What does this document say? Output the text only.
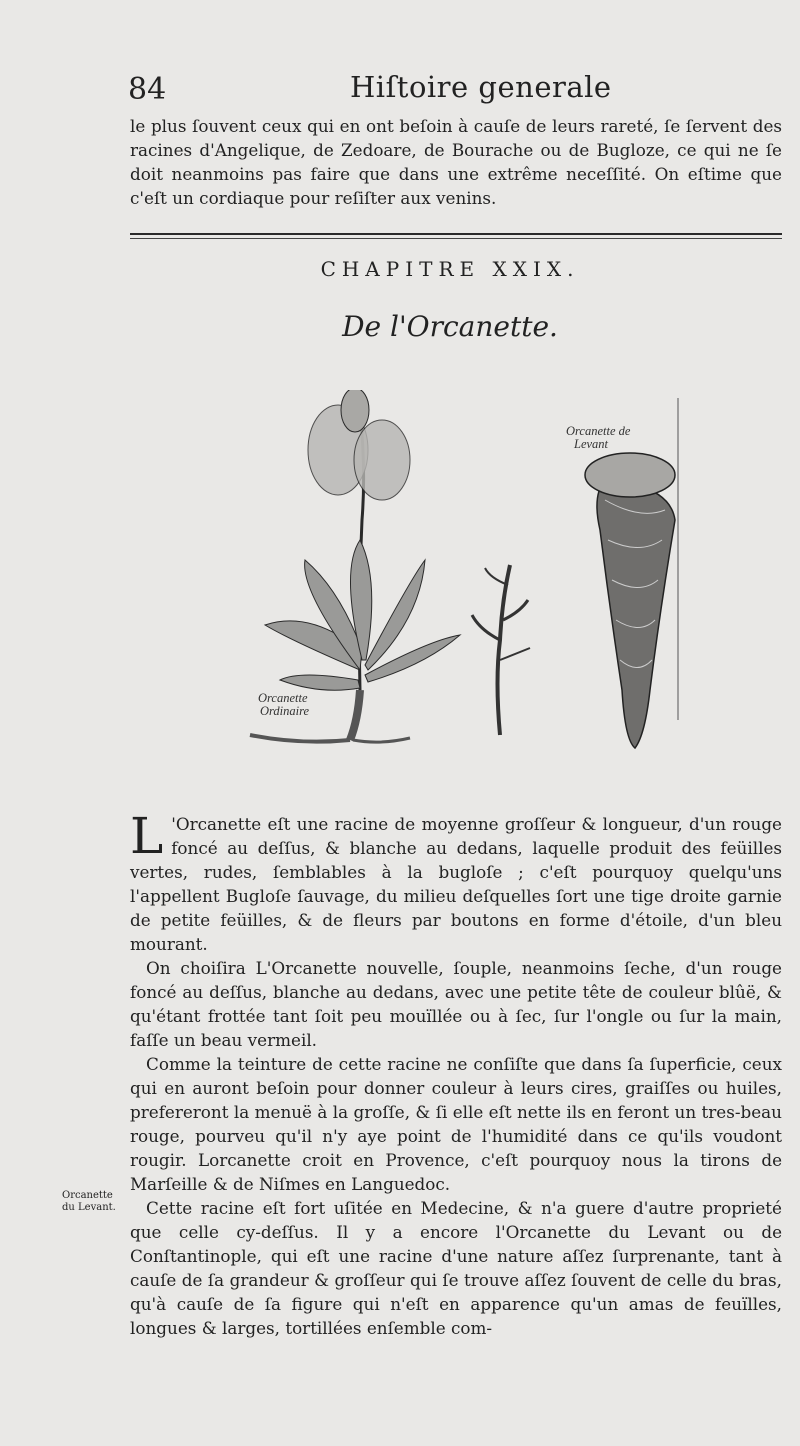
84	Hiſtoire generale
le plus ſouvent ceux qui en ont beſoin à cauſe de leurs rareté, ſe ſervent des racines d'Angelique, de Zedoare, de Bourache ou de Bugloze, ce qui ne ſe doit neanmoins pas faire que dans une extrême neceſſité. On eſtime que c'eſt un cordiaque pour reſiſter aux venins.
CHAPITRE XXIX.
De l'Orcanette.
Orcanette
Ordinaire
Orcanette de
Levant

L 'Orcanette eſt une racine de moyenne groſſeur & longueur, d'un rouge foncé au deſſus, & blanche au dedans, laquelle produit des feüilles vertes, rudes, ſemblables à la bugloſe ; c'eſt pourquoy quelqu'uns l'appellent Bugloſe ſauvage, du milieu deſquelles ſort une tige droite garnie de petite feüilles, & de fleurs par boutons en forme d'étoile, d'un bleu mourant.

On choiſira L'Orcanette nouvelle, ſouple, neanmoins ſeche, d'un rouge foncé au deſſus, blanche au dedans, avec une petite tête de couleur blûë, & qu'étant frottée tant ſoit peu mouïllée ou à ſec, ſur l'ongle ou ſur la main, faſſe un beau vermeil.

Comme la teinture de cette racine ne conſiſte que dans ſa ſuperficie, ceux qui en auront beſoin pour donner couleur à leurs cires, graiſſes ou huiles, prefereront la menuë à la groſſe, & ſi elle eſt nette ils en feront un tres-beau rouge, pourveu qu'il n'y aye point de l'humidité dans ce qu'ils voudont rougir. Lorcanette croit en Provence, c'eſt pourquoy nous la tirons de Marſeille & de Niſmes en Languedoc.

Cette racine eſt fort uſitée en Medecine, & n'a guere d'autre proprieté que celle cy-deſſus. Il y a encore l'Orcanette du Levant ou de Conſtantinople, qui eſt une racine d'une nature aſſez ſurprenante, tant à cauſe de ſa grandeur & groſſeur qui ſe trouve aſſez ſouvent de celle du bras, qu'à cauſe de ſa figure qui n'eſt en apparence qu'un amas de feuïlles, longues & larges, tortillées enſemble com-

Orcanette
du Levant.
